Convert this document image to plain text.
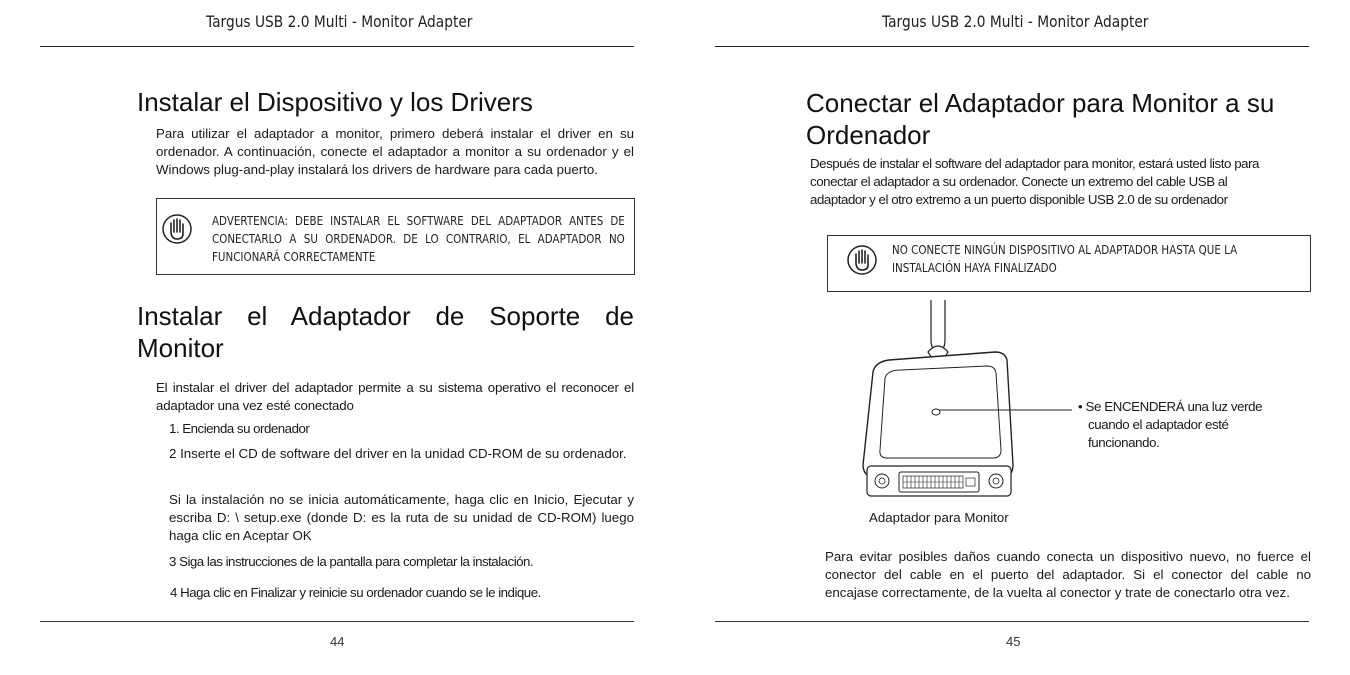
Targus USB 2.0 Multi - Monitor Adapter
Instalar el Dispositivo y los Drivers

Para utilizar el adaptador a monitor, primero deberá instalar el driver en su ordenador. A continuación, conecte el adaptador a monitor a su ordenador y el Windows plug-and-play instalará los drivers de hardware para cada puerto.

ADVERTENCIA: DEBE INSTALAR EL SOFTWARE DEL ADAPTADOR ANTES DE CONECTARLO A SU ORDENADOR. DE LO CONTRARIO, EL ADAPTADOR NO FUNCIONARÁ CORRECTAMENTE

Instalar el Adaptador de Soporte de Monitor

El instalar el driver del adaptador permite a su sistema operativo el reconocer el adaptador una vez esté conectado

1. Encienda su ordenador

2 Inserte el CD de software del driver en la unidad CD-ROM de su ordenador.

Si la instalación no se inicia automáticamente, haga clic en Inicio, Ejecutar y escriba D: \ setup.exe (donde D: es la ruta de su unidad de CD-ROM) luego haga clic en Aceptar OK

3 Siga las instrucciones de la pantalla para completar la instalación.

4 Haga clic en Finalizar y reinicie su ordenador cuando se le indique.

44
Targus USB 2.0 Multi - Monitor Adapter
Conectar el Adaptador para Monitor a su Ordenador

Después de instalar el software del adaptador para monitor, estará usted listo para conectar el adaptador a su ordenador. Conecte un extremo del cable USB al adaptador y el otro extremo a un puerto disponible USB 2.0 de su ordenador

NO CONECTE NINGÚN DISPOSITIVO AL ADAPTADOR HASTA QUE LA INSTALACIÓN HAYA FINALIZADO

• Se ENCENDERÁ una luz verde cuando el adaptador esté funcionando.
Adaptador para Monitor

Para evitar posibles daños cuando conecta un dispositivo nuevo, no fuerce el conector del cable en el puerto del adaptador. Si el conector del cable no encajase correctamente, de la vuelta al conector y trate de conectarlo otra vez.

45
